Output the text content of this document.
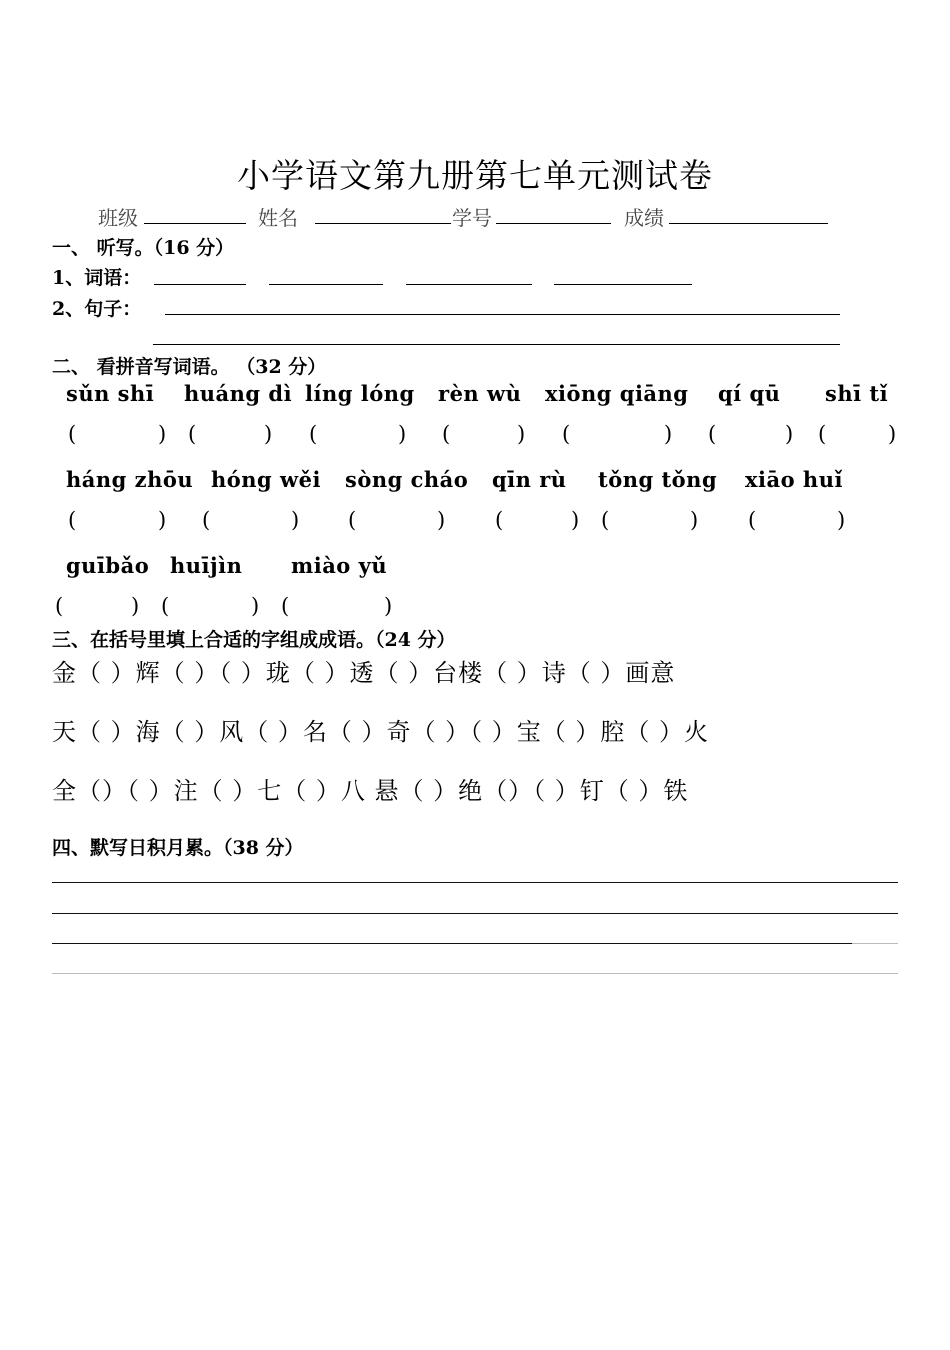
小学语文第九册第七单元测试卷
班级	姓名	学号	成绩
一、 听写。（16 分）
1、词语：
2、句子：
二、 看拼音写词语。 （32 分）
sǔn shī huáng dì líng lóng rèn wù xiōng qiāng qí qū shī tǐ
(	) (	) (	) (	) (	) (	) (	)
háng zhōu hóng wěi sòng cháo qīn rù tǒng tǒng xiāo huǐ
(	) (	) (	) (	) (	) (	)
guībǎo huījìn miào yǔ
(	) (	) (	)
三、在括号里填上合适的字组成成语。（24 分）
金（ ）辉（ ）（ ）珑（ ）透（ ）台楼（ ）诗（ ）画意
天（ ）海（ ）风（ ）名（ ）奇（ ）（ ）宝（ ）腔（ ）火
全（）（ ）注（ ）七（ ）八 悬（ ）绝（）（ ）钉（ ）铁
四、默写日积月累。（38 分）
